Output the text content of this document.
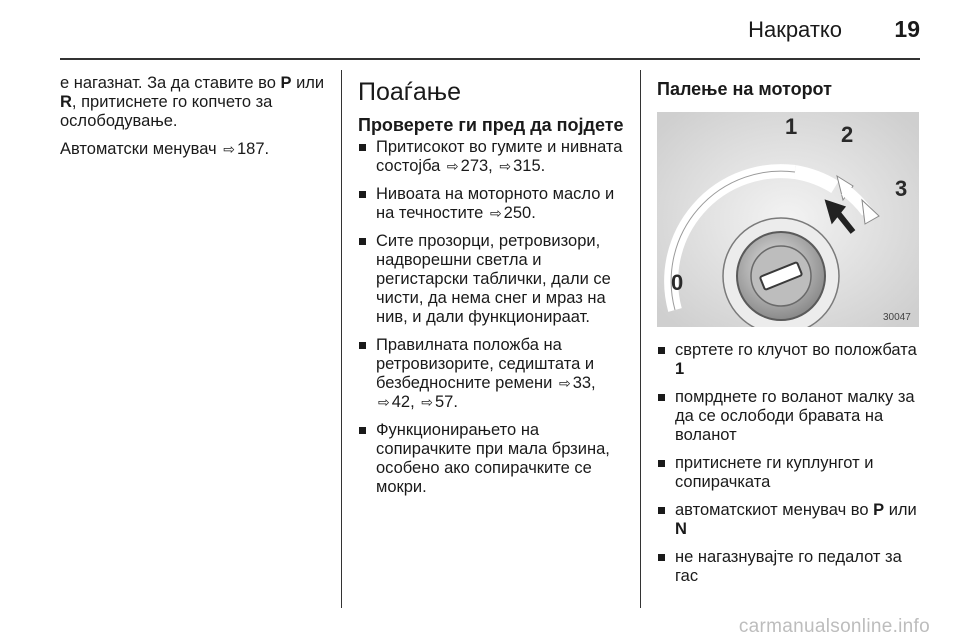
Накратко 19

е нагазнат. За да ставите во P или R, притиснете го копчето за ослободување.

Автоматски менувач ⇨ 187.

Поаѓање
Проверете ги пред да појдете
Притисокот во гумите и нивната состојба ⇨ 273, ⇨ 315.
Нивоата на моторното масло и на течностите ⇨ 250.
Сите прозорци, ретровизори, надворешни светла и регистарски таблички, дали се чисти, да нема снег и мраз на нив, и дали функционираат.
Правилната положба на ретровизорите, седиштата и безбедносните ремени ⇨ 33,
⇨ 42, ⇨ 57.
Функционирањето на сопирачките при мала брзина, особено ако сопирачките се мокри.
Палење на моторот
0
1 2
3
30047
свртете го клучот во положбата 1
помрднете го воланот малку за да се ослободи бравата на воланот
притиснете ги куплунгот и сопирачката
автоматскиот менувач во P или N
не нагазнувајте го педалот за гас
carmanualsonline.info
